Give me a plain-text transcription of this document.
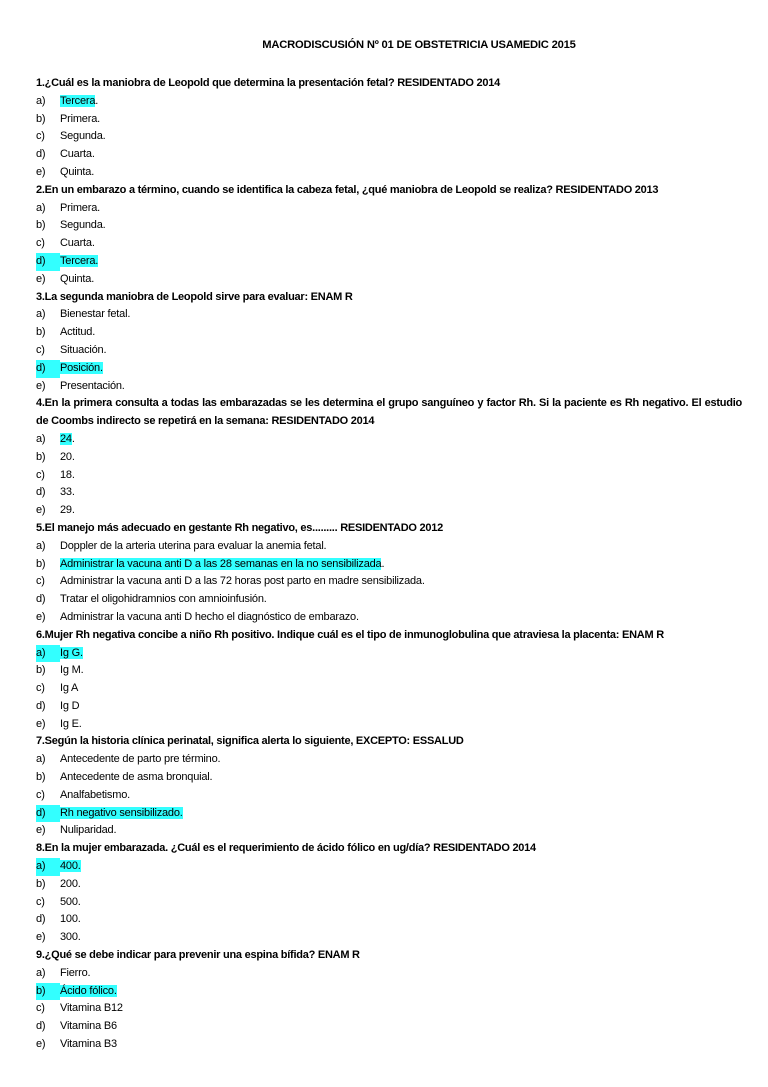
MACRODISCUSIÓN Nº 01 DE OBSTETRICIA USAMEDIC 2015
1.¿Cuál es la maniobra de Leopold que determina la presentación fetal? RESIDENTADO 2014
a) Tercera.
b) Primera.
c) Segunda.
d) Cuarta.
e) Quinta.
2.En un embarazo a término, cuando se identifica la cabeza fetal, ¿qué maniobra de Leopold se realiza? RESIDENTADO 2013
a) Primera.
b) Segunda.
c) Cuarta.
d) Tercera.
e) Quinta.
3.La segunda maniobra de Leopold sirve para evaluar: ENAM R
a) Bienestar fetal.
b) Actitud.
c) Situación.
d) Posición.
e) Presentación.
4.En la primera consulta a todas las embarazadas se les determina el grupo sanguíneo y factor Rh. Si la paciente es Rh negativo. El estudio de Coombs indirecto se repetirá en la semana: RESIDENTADO 2014
a) 24.
b) 20.
c) 18.
d) 33.
e) 29.
5.El manejo más adecuado en gestante Rh negativo, es......... RESIDENTADO 2012
a) Doppler de la arteria uterina para evaluar la anemia fetal.
b) Administrar la vacuna anti D a las 28 semanas en la no sensibilizada.
c) Administrar la vacuna anti D a las 72 horas post parto en madre sensibilizada.
d) Tratar el oligohidramnios con amnioinfusión.
e) Administrar la vacuna anti D hecho el diagnóstico de embarazo.
6.Mujer Rh negativa concibe a niño Rh positivo. Indique cuál es el tipo de inmunoglobulina que atraviesa la placenta: ENAM R
a) Ig G.
b) Ig M.
c) Ig A
d) Ig D
e) Ig E.
7.Según la historia clínica perinatal, significa alerta lo siguiente, EXCEPTO: ESSALUD
a) Antecedente de parto pre término.
b) Antecedente de asma bronquial.
c) Analfabetismo.
d) Rh negativo sensibilizado.
e) Nuliparidad.
8.En la mujer embarazada. ¿Cuál es el requerimiento de ácido fólico en ug/día? RESIDENTADO 2014
a) 400.
b) 200.
c) 500.
d) 100.
e) 300.
9.¿Qué se debe indicar para prevenir una espina bífida? ENAM R
a) Fierro.
b) Ácido fólico.
c) Vitamina B12
d) Vitamina B6
e) Vitamina B3
